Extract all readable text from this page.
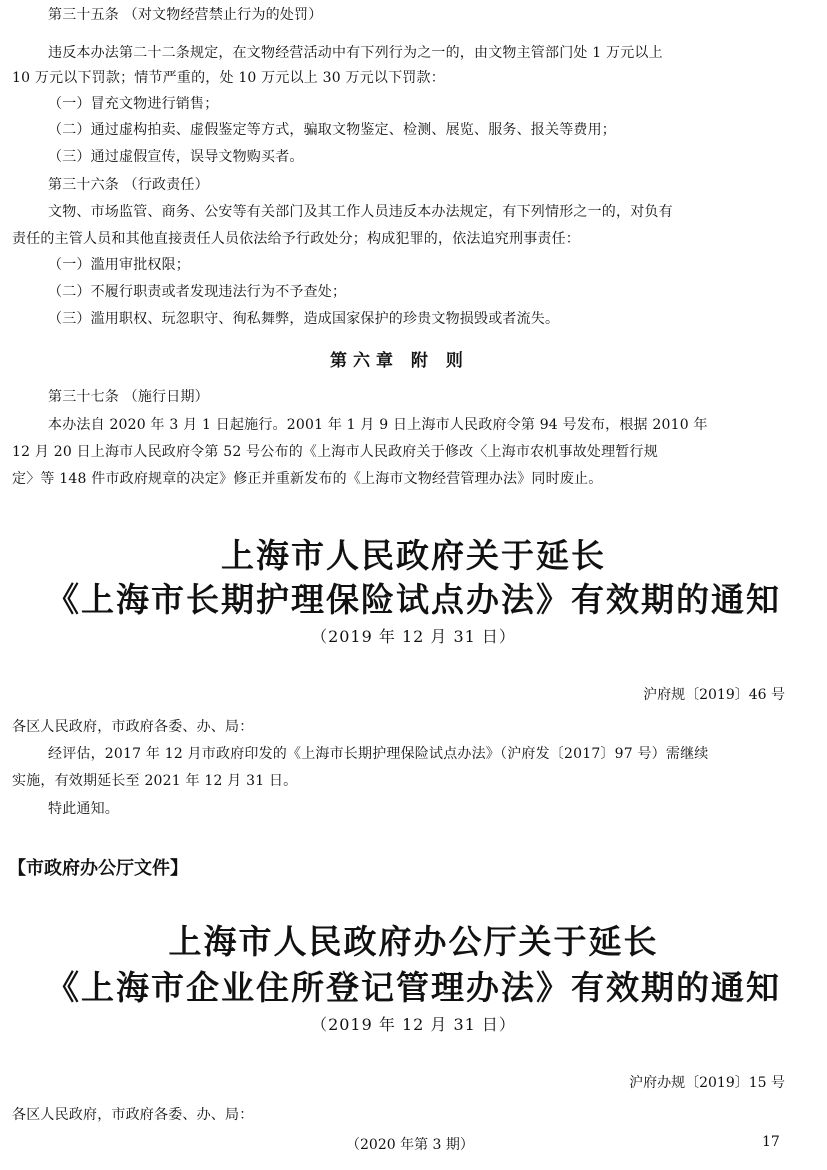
第三十五条 （对文物经营禁止行为的处罚）
违反本办法第二十二条规定，在文物经营活动中有下列行为之一的，由文物主管部门处 1 万元以上
10 万元以下罚款；情节严重的，处 10 万元以上 30 万元以下罚款：
（一）冒充文物进行销售；
（二）通过虚构拍卖、虚假鉴定等方式，骗取文物鉴定、检测、展览、服务、报关等费用；
（三）通过虚假宣传，误导文物购买者。
第三十六条 （行政责任）
文物、市场监管、商务、公安等有关部门及其工作人员违反本办法规定，有下列情形之一的，对负有
责任的主管人员和其他直接责任人员依法给予行政处分；构成犯罪的，依法追究刑事责任：
（一）滥用审批权限；
（二）不履行职责或者发现违法行为不予查处；
（三）滥用职权、玩忽职守、徇私舞弊，造成国家保护的珍贵文物损毁或者流失。
第六章 附 则
第三十七条 （施行日期）
本办法自 2020 年 3 月 1 日起施行。2001 年 1 月 9 日上海市人民政府令第 94 号发布，根据 2010 年
12 月 20 日上海市人民政府令第 52 号公布的《上海市人民政府关于修改〈上海市农机事故处理暂行规
定〉等 148 件市政府规章的决定》修正并重新发布的《上海市文物经营管理办法》同时废止。
上海市人民政府关于延长
《上海市长期护理保险试点办法》有效期的通知
（2019 年 12 月 31 日）
沪府规〔2019〕46 号
各区人民政府，市政府各委、办、局：
经评估，2017 年 12 月市政府印发的《上海市长期护理保险试点办法》（沪府发〔2017〕97 号）需继续
实施，有效期延长至 2021 年 12 月 31 日。
特此通知。
【市政府办公厅文件】
上海市人民政府办公厅关于延长
《上海市企业住所登记管理办法》有效期的通知
（2019 年 12 月 31 日）
沪府办规〔2019〕15 号
各区人民政府，市政府各委、办、局：
（2020 年第 3 期）	17
